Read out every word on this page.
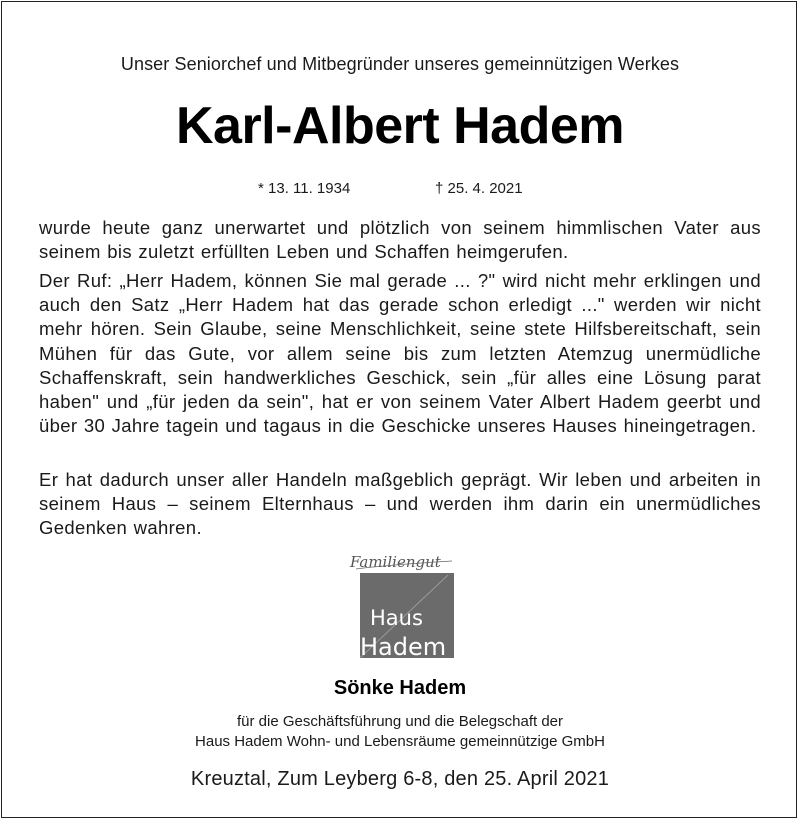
Unser Seniorchef und Mitbegründer unseres gemeinnützigen Werkes
Karl-Albert Hadem
* 13. 11. 1934	† 25. 4. 2021
wurde heute ganz unerwartet und plötzlich von seinem himmlischen Vater aus seinem bis zuletzt erfüllten Leben und Schaffen heimgerufen.
Der Ruf: „Herr Hadem, können Sie mal gerade ... ?" wird nicht mehr erklingen und auch den Satz „Herr Hadem hat das gerade schon erledigt ..." werden wir nicht mehr hören. Sein Glaube, seine Menschlichkeit, seine stete Hilfsbereitschaft, sein Mühen für das Gute, vor allem seine bis zum letzten Atemzug unermüdliche Schaffenskraft, sein handwerkliches Geschick, sein „für alles eine Lösung parat haben" und „für jeden da sein", hat er von seinem Vater Albert Hadem geerbt und über 30 Jahre tagein und tagaus in die Geschicke unseres Hauses hineingetragen.
Er hat dadurch unser aller Handeln maßgeblich geprägt. Wir leben und arbeiten in seinem Haus – seinem Elternhaus – und werden ihm darin ein unermüdliches Gedenken wahren.
Familiengut
Haus
Hadem
Sönke Hadem
für die Geschäftsführung und die Belegschaft der
Haus Hadem Wohn- und Lebensräume gemeinnützige GmbH
Kreuztal, Zum Leyberg 6-8, den 25. April 2021
